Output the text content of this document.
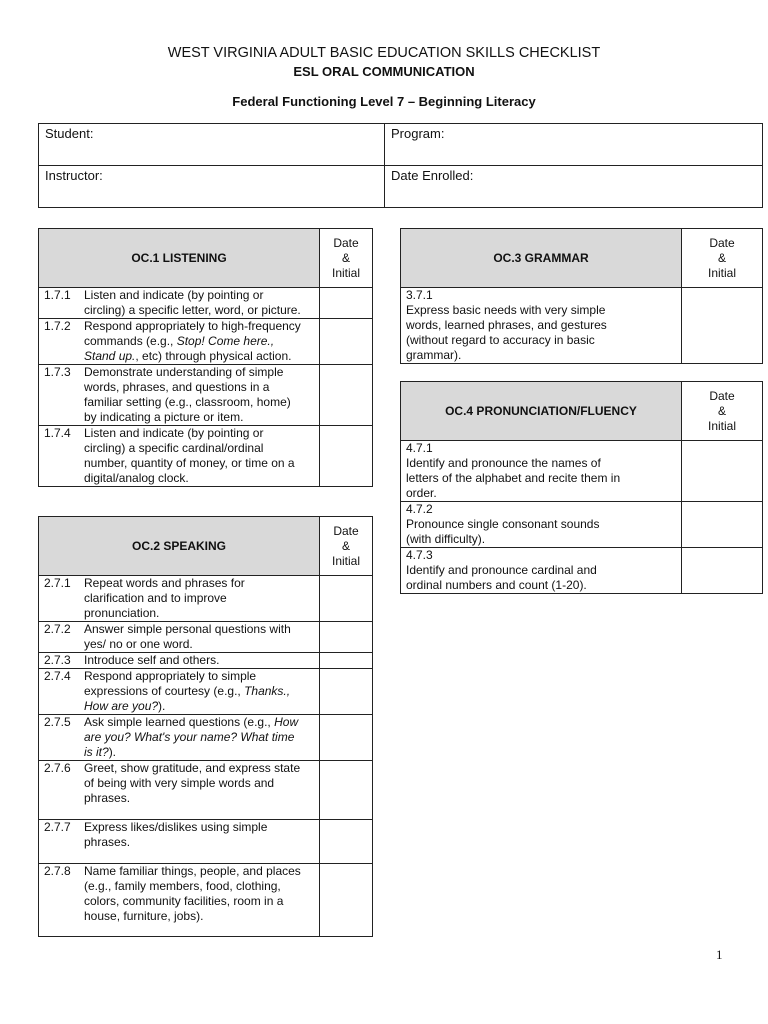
WEST VIRGINIA ADULT BASIC EDUCATION SKILLS CHECKLIST
ESL ORAL COMMUNICATION
Federal Functioning Level 7 – Beginning Literacy
Student:	Program:
Instructor:	Date Enrolled:
OC.1 LISTENING	Date
&
Initial
1.7.1 Listen and indicate (by pointing or
circling) a specific letter, word, or picture.	
1.7.2 Respond appropriately to high-frequency
commands (e.g., Stop! Come here.,
Stand up., etc) through physical action.	
1.7.3 Demonstrate understanding of simple
words, phrases, and questions in a
familiar setting (e.g., classroom, home)
by indicating a picture or item.	
1.7.4 Listen and indicate (by pointing or
circling) a specific cardinal/ordinal
number, quantity of money, or time on a
digital/analog clock.	
OC.2 SPEAKING	Date
&
Initial
2.7.1 Repeat words and phrases for
clarification and to improve
pronunciation.	
2.7.2 Answer simple personal questions with
yes/ no or one word.	
2.7.3 Introduce self and others.	
2.7.4 Respond appropriately to simple
expressions of courtesy (e.g., Thanks.,
How are you?).	
2.7.5 Ask simple learned questions (e.g., How
are you? What's your name? What time
is it?).	
2.7.6 Greet, show gratitude, and express state
of being with very simple words and
phrases.	
2.7.7 Express likes/dislikes using simple
phrases.	
2.7.8 Name familiar things, people, and places
(e.g., family members, food, clothing,
colors, community facilities, room in a
house, furniture, jobs).	
OC.3 GRAMMAR	Date
&
Initial
3.7.1Express basic needs with very simple
words, learned phrases, and gestures
(without regard to accuracy in basic
grammar).	
OC.4 PRONUNCIATION/FLUENCY	Date
&
Initial
4.7.1Identify and pronounce the names of
letters of the alphabet and recite them in
order.	
4.7.2Pronounce single consonant sounds
(with difficulty).	
4.7.3Identify and pronounce cardinal and
ordinal numbers and count (1-20).	
1
